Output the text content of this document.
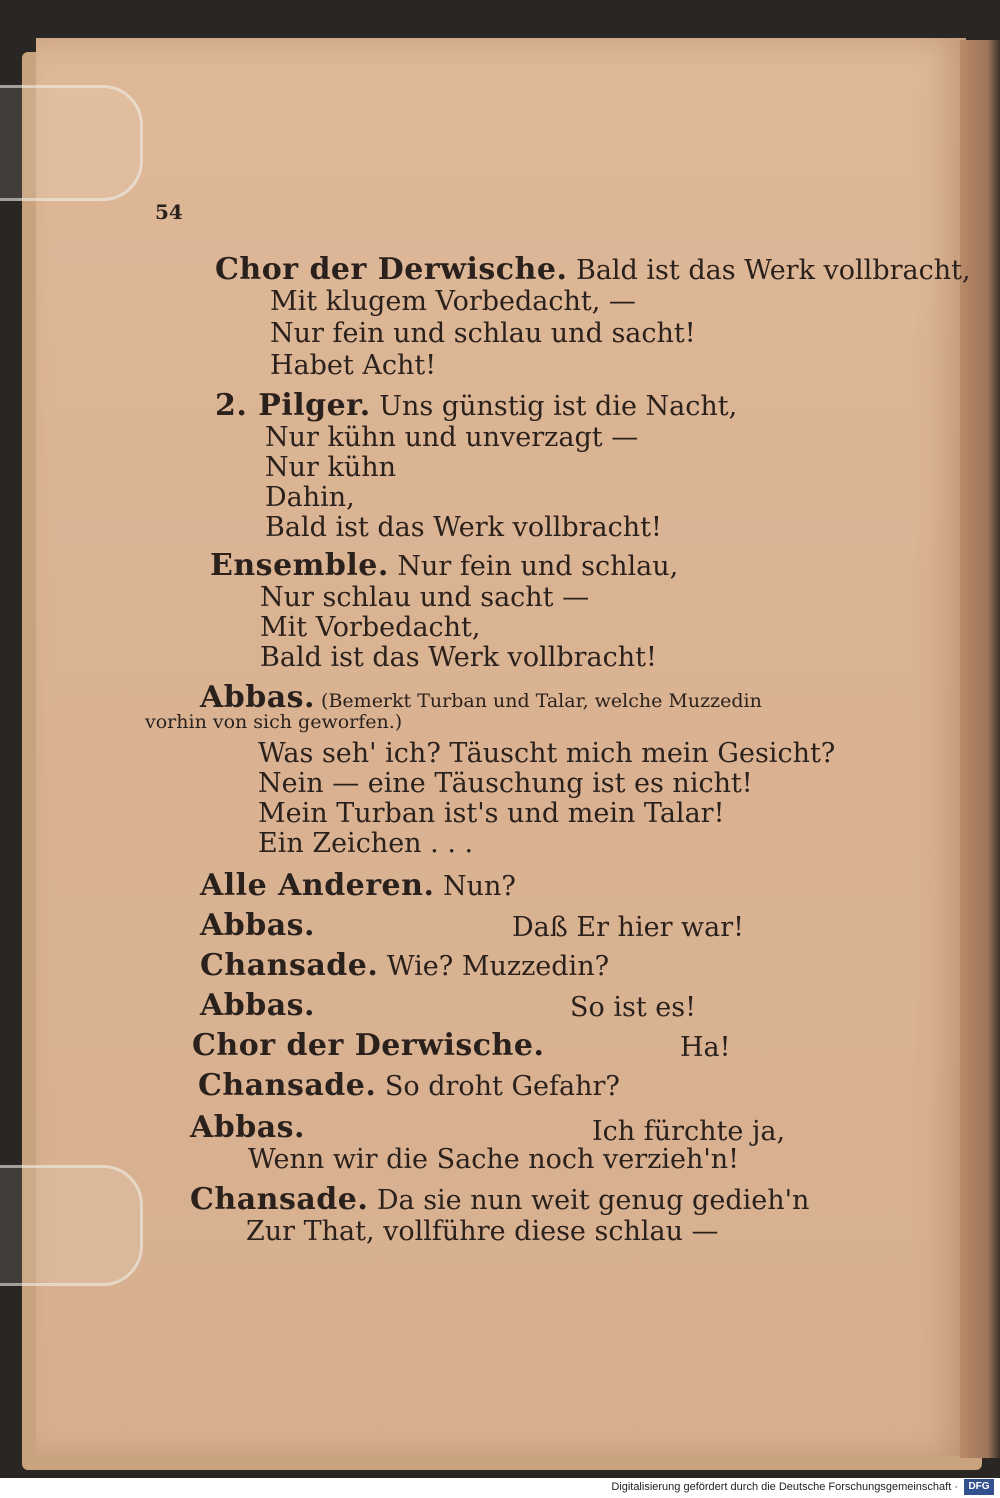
54
Chor der Derwische. Bald ist das Werk vollbracht,
Mit klugem Vorbedacht, —
Nur fein und schlau und sacht!
Habet Acht!
2. Pilger. Uns günstig ist die Nacht,
Nur kühn und unverzagt —
Nur kühn
Dahin,
Bald ist das Werk vollbracht!
Ensemble. Nur fein und schlau,
Nur schlau und sacht —
Mit Vorbedacht,
Bald ist das Werk vollbracht!
Abbas. (Bemerkt Turban und Talar, welche Muzzedin
vorhin von sich geworfen.)
Was seh' ich? Täuscht mich mein Gesicht?
Nein — eine Täuschung ist es nicht!
Mein Turban ist's und mein Talar!
Ein Zeichen . . .
Alle Anderen. Nun?
Abbas.	Daß Er hier war!
Chansade. Wie? Muzzedin?
Abbas.	So ist es!
Chor der Derwische.	Ha!
Chansade. So droht Gefahr?
Abbas.	Ich fürchte ja,
Wenn wir die Sache noch verzieh'n!
Chansade. Da sie nun weit genug gedieh'n
Zur That, vollführe diese schlau —
Digitalisierung gefördert durch die Deutsche Forschungsgemeinschaft ·	DFG
